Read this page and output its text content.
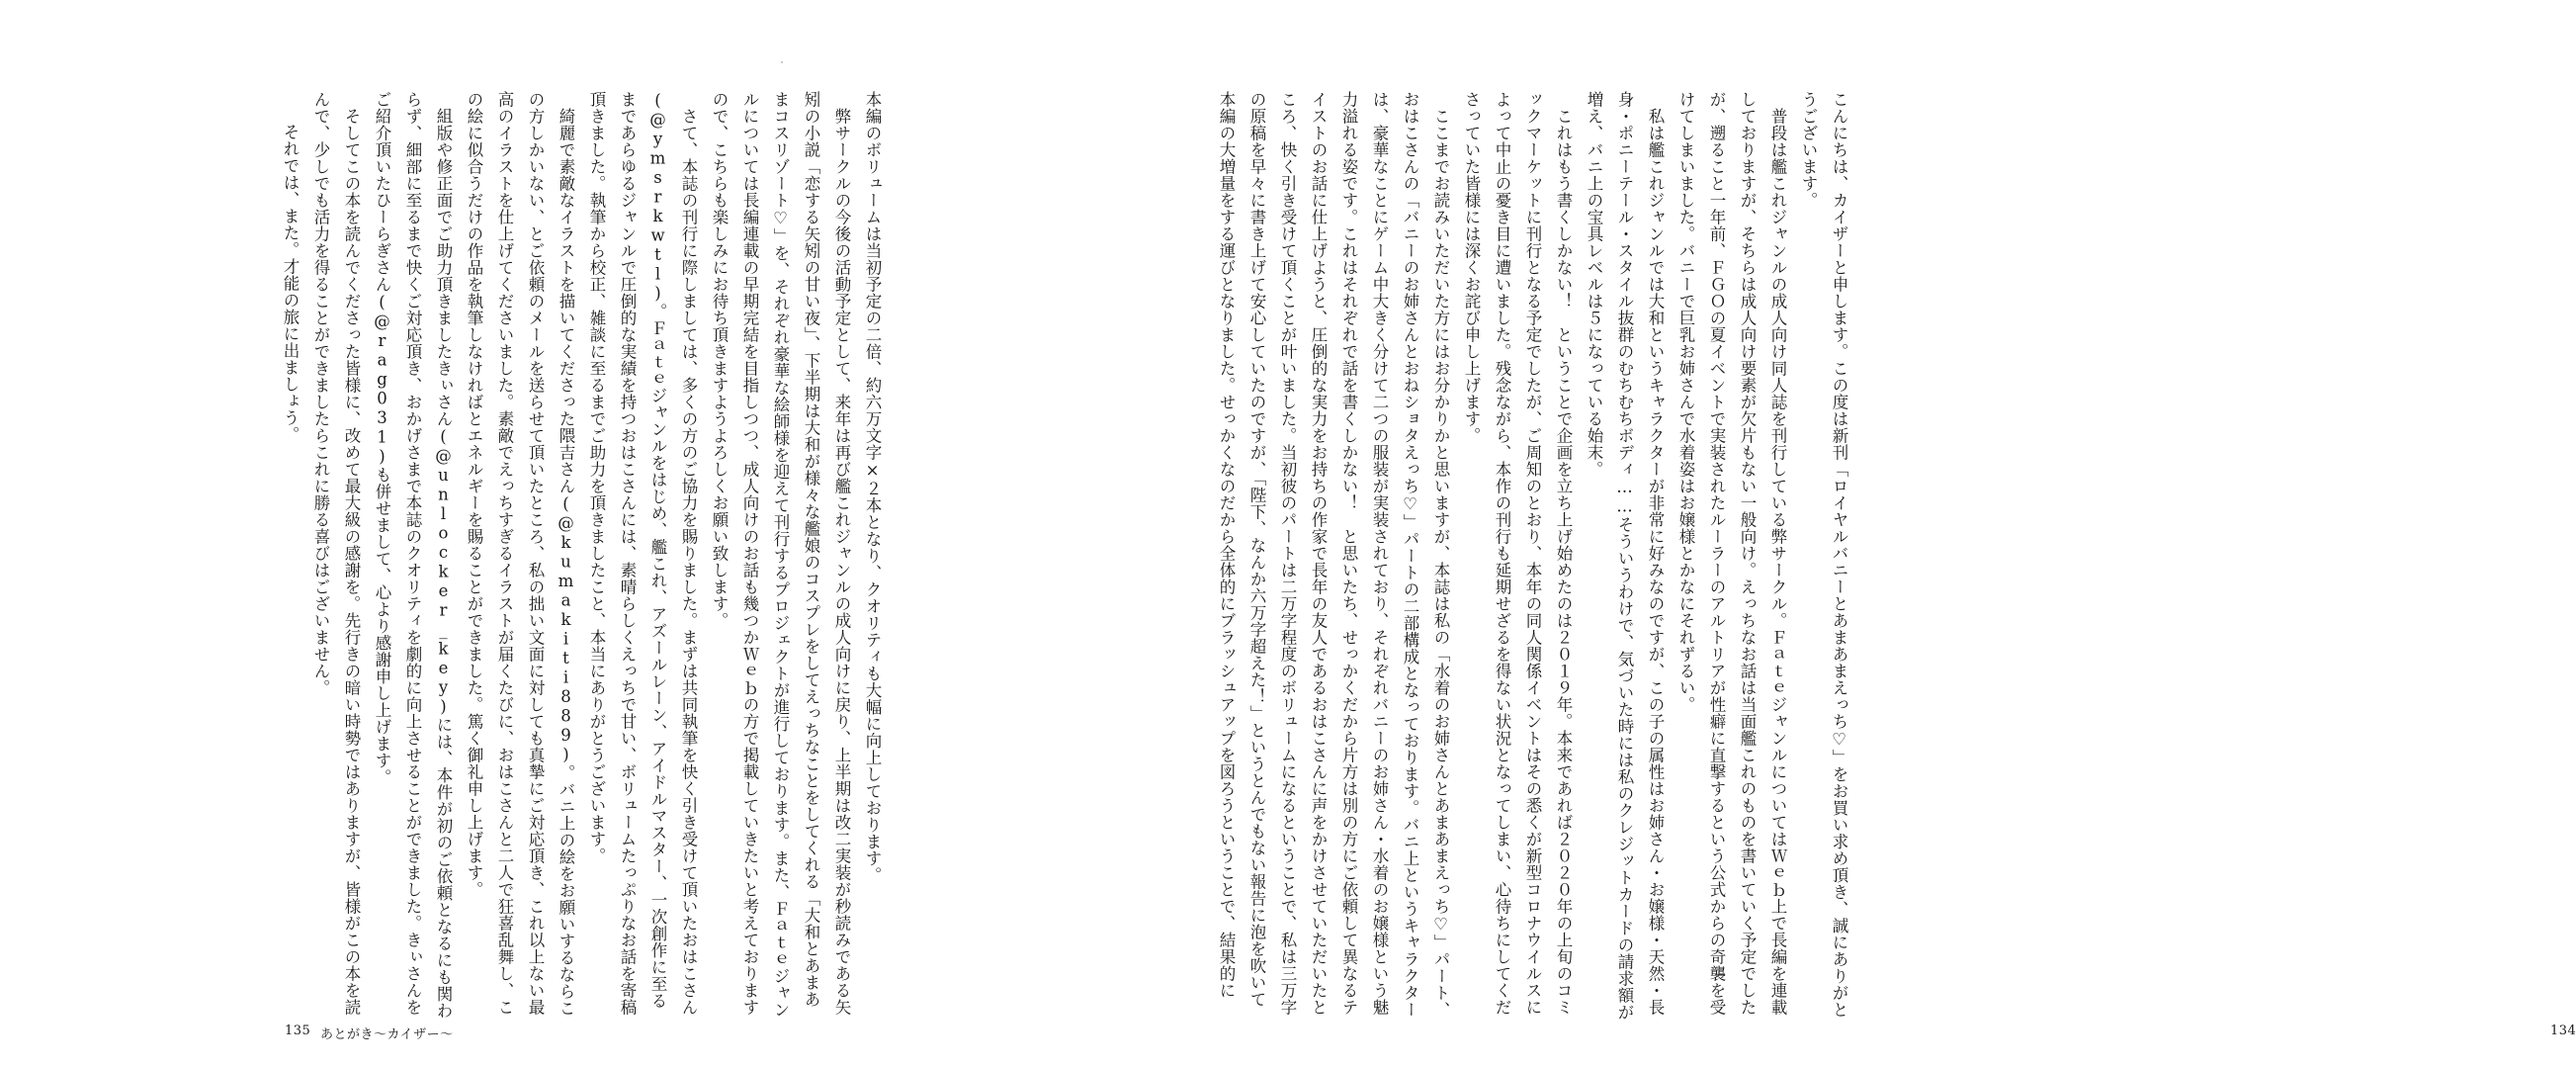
こんにちは、カイザーと申します。この度は新刊「ロイヤルバニーとあまあまえっち♡」をお買い求め頂き、誠にありがとうございます。

普段は艦これジャンルの成人向け同人誌を刊行している弊サークル。ＦａｔｅジャンルについてはＷｅｂ上で長編を連載しておりますが、そちらは成人向け要素が欠片もない一般向け。えっちなお話は当面艦これのものを書いていく予定でしたが、遡ること一年前、ＦＧＯの夏イベントで実装されたルーラーのアルトリアが性癖に直撃するという公式からの奇襲を受けてしまいました。バニーで巨乳お姉さんで水着姿はお嬢様とかなにそれずるい。

私は艦これジャンルでは大和というキャラクターが非常に好みなのですが、この子の属性はお姉さん・お嬢様・天然・長身・ポニーテール・スタイル抜群のむちむちボディ……そういうわけで、気づいた時には私のクレジットカードの請求額が増え、バニ上の宝具レベルは５になっている始末。

これはもう書くしかない！　ということで企画を立ち上げ始めたのは２０１９年。本来であれば２０２０年の上旬のコミックマーケットに刊行となる予定でしたが、ご周知のとおり、本年の同人関係イベントはその悉くが新型コロナウイルスによって中止の憂き目に遭いました。残念ながら、本作の刊行も延期せざるを得ない状況となってしまい、心待ちにしてくださっていた皆様には深くお詫び申し上げます。

ここまでお読みいただいた方にはお分かりかと思いますが、本誌は私の「水着のお姉さんとあまあまえっち♡」パート、おはこさんの「バニーのお姉さんとおねショタえっち♡」パートの二部構成となっております。バニ上というキャラクターは、豪華なことにゲーム中大きく分けて二つの服装が実装されており、それぞれバニーのお姉さん・水着のお嬢様という魅力溢れる姿です。これはそれぞれで話を書くしかない！　と思いたち、せっかくだから片方は別の方にご依頼して異なるテイストのお話に仕上げようと、圧倒的な実力をお持ちの作家で長年の友人であるおはこさんに声をかけさせていただいたところ、快く引き受けて頂くことが叶いました。当初彼のパートは二万字程度のボリュームになるということで、私は三万字の原稿を早々に書き上げて安心していたのですが、「陛下、なんか六万字超えた！」というとんでもない報告に泡を吹いて本編の大増量をする運びとなりました。せっかくなのだから全体的にブラッシュアップを図ろうということで、結果的に

134

本編のボリュームは当初予定の二倍、約六万文字×２本となり、クオリティも大幅に向上しております。

弊サークルの今後の活動予定として、来年は再び艦これジャンルの成人向けに戻り、上半期は改二実装が秒読みである矢矧の小説「恋する矢矧の甘い夜」、下半期は大和が様々な艦娘のコスプレをしてえっちなことをしてくれる「大和とあまあまコスリゾート♡」を、それぞれ豪華な絵師様を迎えて刊行するプロジェクトが進行しております。また、Ｆａｔｅジャンルについては長編連載の早期完結を目指しつつ、成人向けのお話も幾つかＷｅｂの方で掲載していきたいと考えておりますので、こちらも楽しみにお待ち頂きますようよろしくお願い致します。

さて、本誌の刊行に際しましては、多くの方のご協力を賜りました。まずは共同執筆を快く引き受けて頂いたおはこさん(@ymsrkwtl)。Ｆａｔｅジャンルをはじめ、艦これ、アズールレーン、アイドルマスター、一次創作に至るまであらゆるジャンルで圧倒的な実績を持つおはこさんには、素晴らしくえっちで甘い、ボリュームたっぷりなお話を寄稿頂きました。執筆から校正、雑談に至るまでご助力を頂きましたこと、本当にありがとうございます。

綺麗で素敵なイラストを描いてくださった隈吉さん(@kumakiti889)。バニ上の絵をお願いするならこの方しかいない、とご依頼のメールを送らせて頂いたところ、私の拙い文面に対しても真摯にご対応頂き、これ以上ない最高のイラストを仕上げてくださいました。素敵でえっちすぎるイラストが届くたびに、おはこさんと二人で狂喜乱舞し、この絵に似合うだけの作品を執筆しなければとエネルギーを賜ることができました。篤く御礼申し上げます。

組版や修正面でご助力頂きましたきぃさん(@unlocker_key)には、本件が初のご依頼となるにも関わらず、細部に至るまで快くご対応頂き、おかげさまで本誌のクオリティを劇的に向上させることができました。きぃさんをご紹介頂いたひーらぎさん(@rag031)も併せまして、心より感謝申し上げます。

そしてこの本を読んでくださった皆様に、改めて最大級の感謝を。先行きの暗い時勢ではありますが、皆様がこの本を読んで、少しでも活力を得ることができましたらこれに勝る喜びはございません。

それでは、また。才能の旅に出ましょう。

135 あとがき〜カイザー〜
